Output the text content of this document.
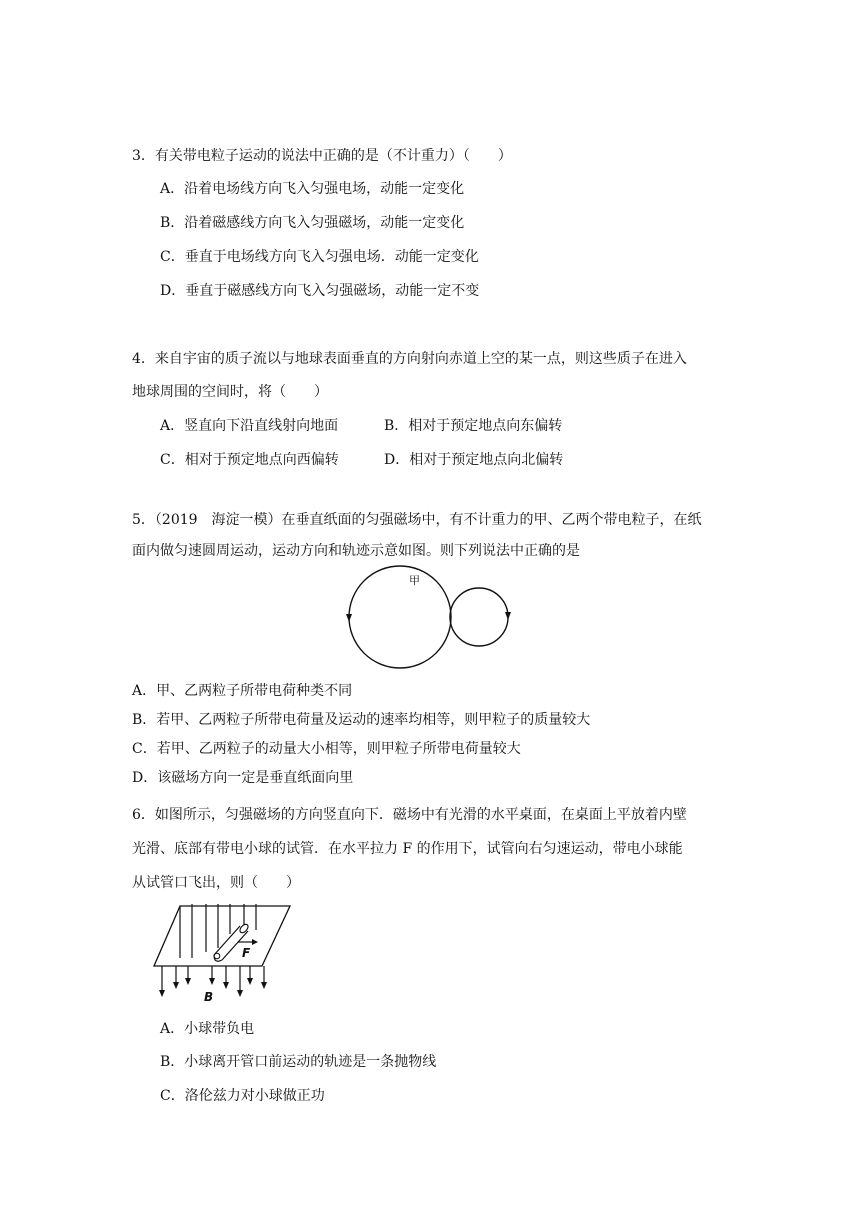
3．有关带电粒子运动的说法中正确的是（不计重力）（　　）
A．沿着电场线方向飞入匀强电场，动能一定变化
B．沿着磁感线方向飞入匀强磁场，动能一定变化
C．垂直于电场线方向飞入匀强电场．动能一定变化
D．垂直于磁感线方向飞入匀强磁场，动能一定不变
4．来自宇宙的质子流以与地球表面垂直的方向射向赤道上空的某一点，则这些质子在进入
地球周围的空间时，将（　　）
A．竖直向下沿直线射向地面	B．相对于预定地点向东偏转
C．相对于预定地点向西偏转	D．相对于预定地点向北偏转
5．（2019　海淀一模）在垂直纸面的匀强磁场中，有不计重力的甲、乙两个带电粒子，在纸
面内做匀速圆周运动，运动方向和轨迹示意如图。则下列说法中正确的是
甲
A．甲、乙两粒子所带电荷种类不同
B．若甲、乙两粒子所带电荷量及运动的速率均相等，则甲粒子的质量较大
C．若甲、乙两粒子的动量大小相等，则甲粒子所带电荷量较大
D．该磁场方向一定是垂直纸面向里
6．如图所示，匀强磁场的方向竖直向下．磁场中有光滑的水平桌面，在桌面上平放着内壁
光滑、底部有带电小球的试管．在水平拉力 F 的作用下，试管向右匀速运动，带电小球能
从试管口飞出，则（　　）
F
B
A．小球带负电
B．小球离开管口前运动的轨迹是一条抛物线
C．洛伦兹力对小球做正功
